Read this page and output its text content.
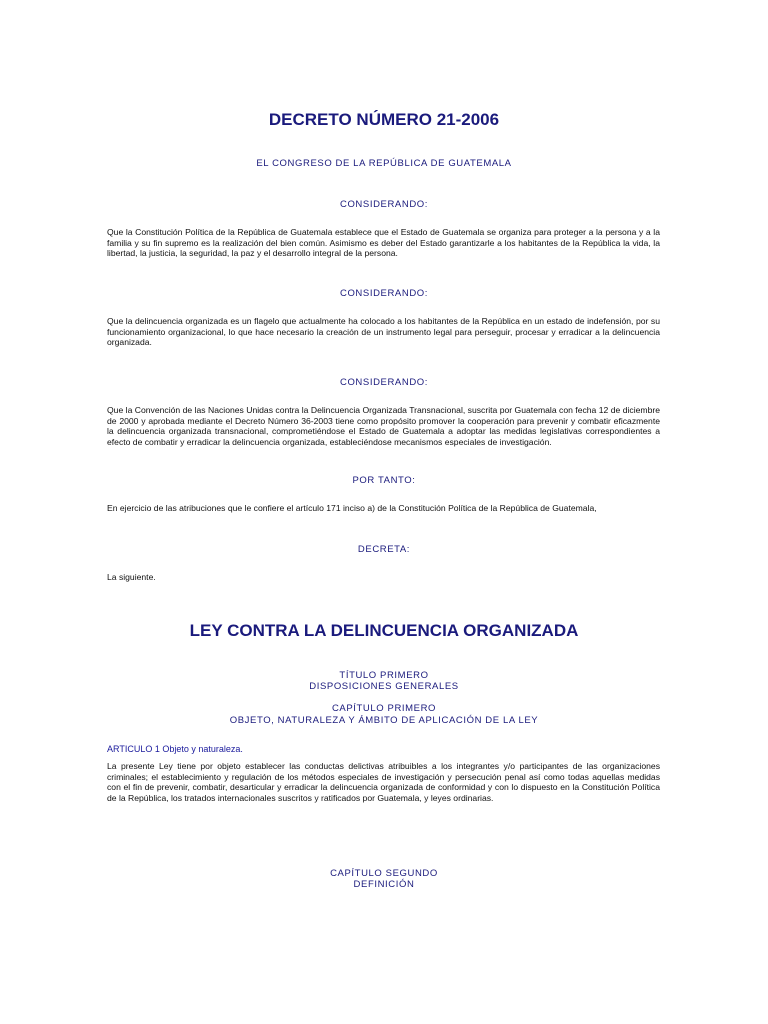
DECRETO NÚMERO 21-2006

EL CONGRESO DE LA REPÚBLICA DE GUATEMALA

CONSIDERANDO:

Que la Constitución Política de la República de Guatemala establece que el Estado de Guatemala se organiza para proteger a la persona y a la familia y su fin supremo es la realización del bien común. Asimismo es deber del Estado garantizarle a los habitantes de la República la vida, la libertad, la justicia, la seguridad, la paz y el desarrollo integral de la persona.

CONSIDERANDO:

Que la delincuencia organizada es un flagelo que actualmente ha colocado a los habitantes de la República en un estado de indefensión, por su funcionamiento organizacional, lo que hace necesario la creación de un instrumento legal para perseguir, procesar y erradicar a la delincuencia organizada.

CONSIDERANDO:

Que la Convención de las Naciones Unidas contra la Delincuencia Organizada Transnacional, suscrita por Guatemala con fecha 12 de diciembre de 2000 y aprobada mediante el Decreto Número 36-2003 tiene como propósito promover la cooperación para prevenir y combatir eficazmente la delincuencia organizada transnacional, comprometiéndose el Estado de Guatemala a adoptar las medidas legislativas correspondientes a efecto de combatir y erradicar la delincuencia organizada, estableciéndose mecanismos especiales de investigación.

POR TANTO:

En ejercicio de las atribuciones que le confiere el artículo 171 inciso a) de la Constitución Política de la República de Guatemala,

DECRETA:

La siguiente.

LEY CONTRA LA DELINCUENCIA ORGANIZADA

TÍTULO PRIMERO

DISPOSICIONES GENERALES

CAPÍTULO PRIMERO

OBJETO, NATURALEZA Y ÁMBITO DE APLICACIÓN DE LA LEY

ARTICULO 1 Objeto y naturaleza.

La presente Ley tiene por objeto establecer las conductas delictivas atribuibles a los integrantes y/o participantes de las organizaciones criminales; el establecimiento y regulación de los métodos especiales de investigación y persecución penal así como todas aquellas medidas con el fin de prevenir, combatir, desarticular y erradicar la delincuencia organizada de conformidad y con lo dispuesto en la Constitución Política de la República, los tratados internacionales suscritos y ratificados por Guatemala, y leyes ordinarias.

CAPÍTULO SEGUNDO

DEFINICIÓN
